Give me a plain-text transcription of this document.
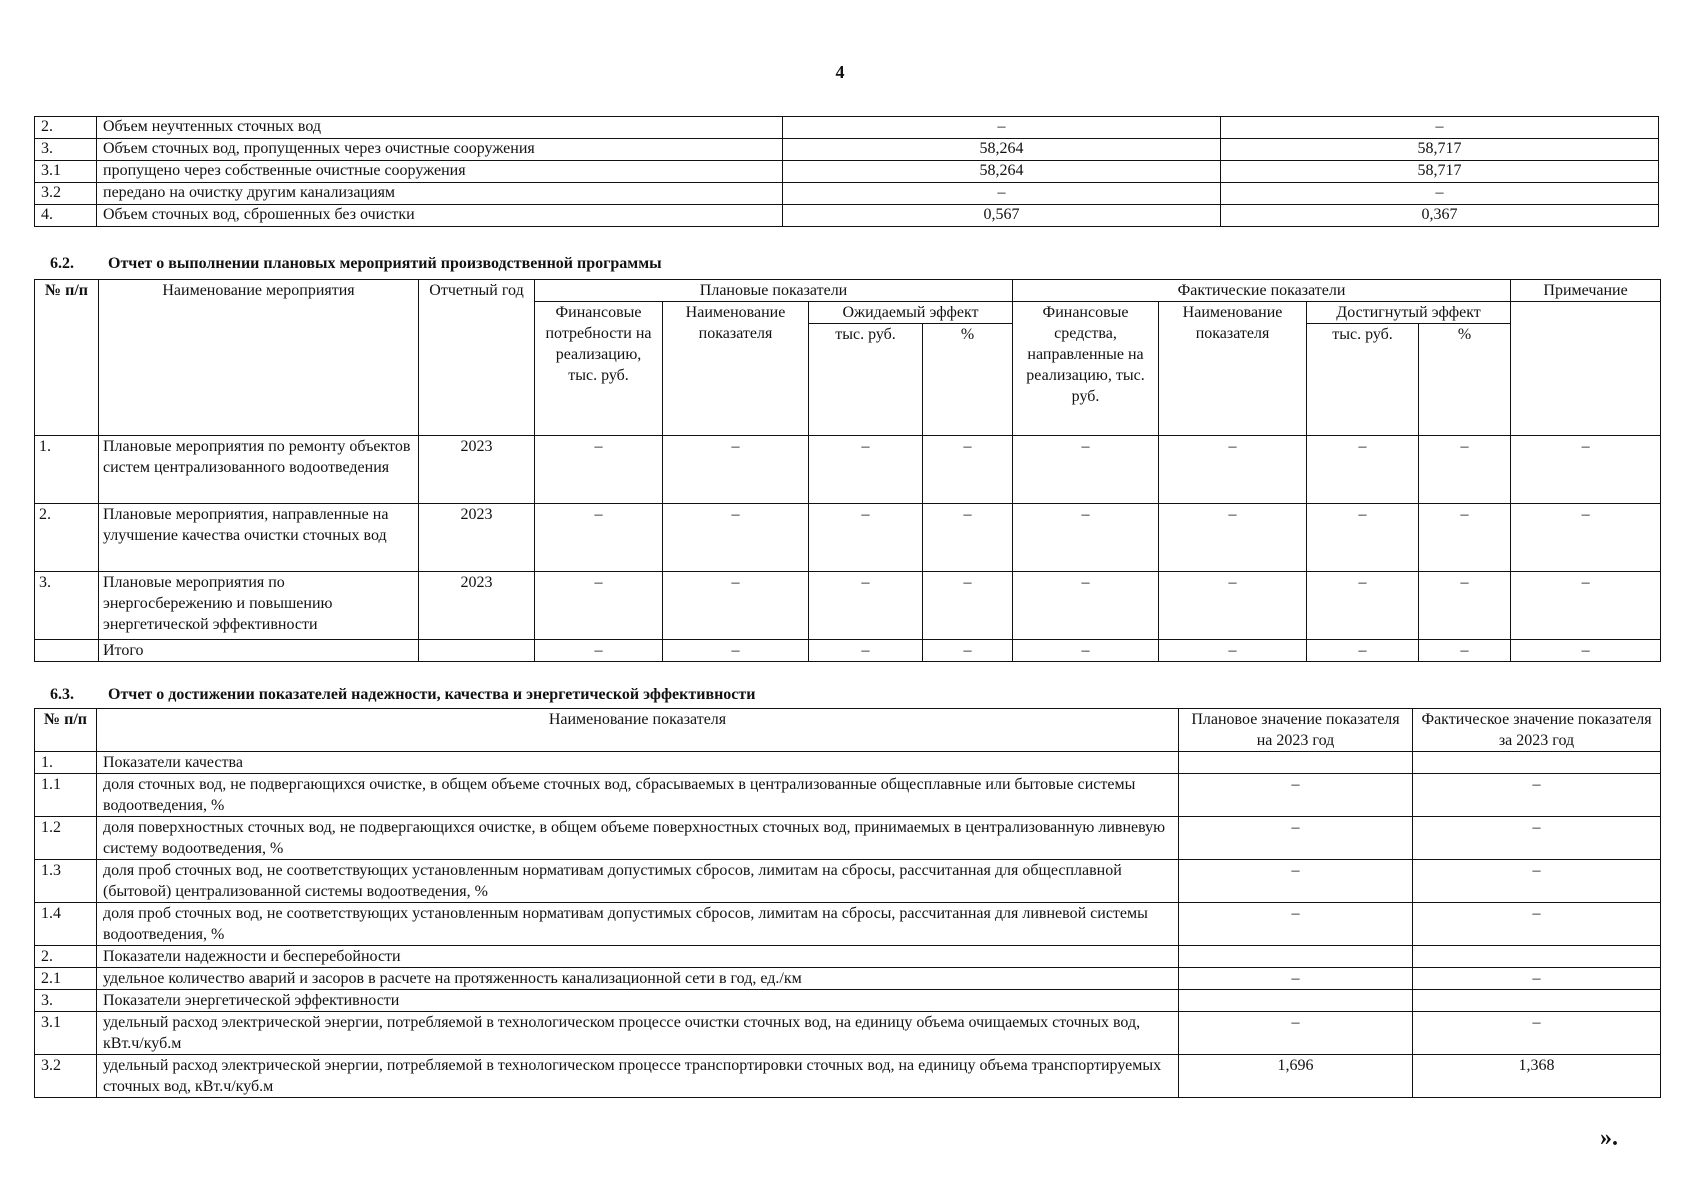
4
2.	Объем неучтенных сточных вод	–	–
3.	Объем сточных вод, пропущенных через очистные сооружения	58,264	58,717
3.1	пропущено через собственные очистные сооружения	58,264	58,717
3.2	передано на очистку другим канализациям	–	–
4.	Объем сточных вод, сброшенных без очистки	0,567	0,367
6.2. Отчет о выполнении плановых мероприятий производственной программы
№ п/п	Наименование мероприятия	Отчетный год	Плановые показатели				Фактические показатели				Примечание
			Финансовые потребности на реализацию, тыс. руб.	Наименование показателя	Ожидаемый эффект		Финансовые средства, направленные на реализацию, тыс. руб.	Наименование показателя	Достигнутый эффект		
					тыс. руб.	%			тыс. руб.	%	
1.	Плановые мероприятия по ремонту объектов систем централизованного водоотведения	2023	–	–	–	–	–	–	–	–	–
2.	Плановые мероприятия, направленные на улучшение качества очистки сточных вод	2023	–	–	–	–	–	–	–	–	–
3.	Плановые мероприятия по энергосбережению и повышению энергетической эффективности	2023	–	–	–	–	–	–	–	–	–
	Итого		–	–	–	–	–	–	–	–	–
6.3. Отчет о достижении показателей надежности, качества и энергетической эффективности
№ п/п	Наименование показателя	Плановое значение показателя на 2023 год	Фактическое значение показателя за 2023 год
1.	Показатели качества		
1.1	доля сточных вод, не подвергающихся очистке, в общем объеме сточных вод, сбрасываемых в централизованные общесплавные или бытовые системы водоотведения, %	–	–
1.2	доля поверхностных сточных вод, не подвергающихся очистке, в общем объеме поверхностных сточных вод, принимаемых в централизованную ливневую систему водоотведения, %	–	–
1.3	доля проб сточных вод, не соответствующих установленным нормативам допустимых сбросов, лимитам на сбросы, рассчитанная для общесплавной (бытовой) централизованной системы водоотведения, %	–	–
1.4	доля проб сточных вод, не соответствующих установленным нормативам допустимых сбросов, лимитам на сбросы, рассчитанная для ливневой системы водоотведения, %	–	–
2.	Показатели надежности и бесперебойности		
2.1	удельное количество аварий и засоров в расчете на протяженность канализационной сети в год, ед./км	–	–
3.	Показатели энергетической эффективности		
3.1	удельный расход электрической энергии, потребляемой в технологическом процессе очистки сточных вод, на единицу объема очищаемых сточных вод, кВт.ч/куб.м	–	–
3.2	удельный расход электрической энергии, потребляемой в технологическом процессе транспортировки сточных вод, на единицу объема транспортируемых сточных вод, кВт.ч/куб.м	1,696	1,368
».
